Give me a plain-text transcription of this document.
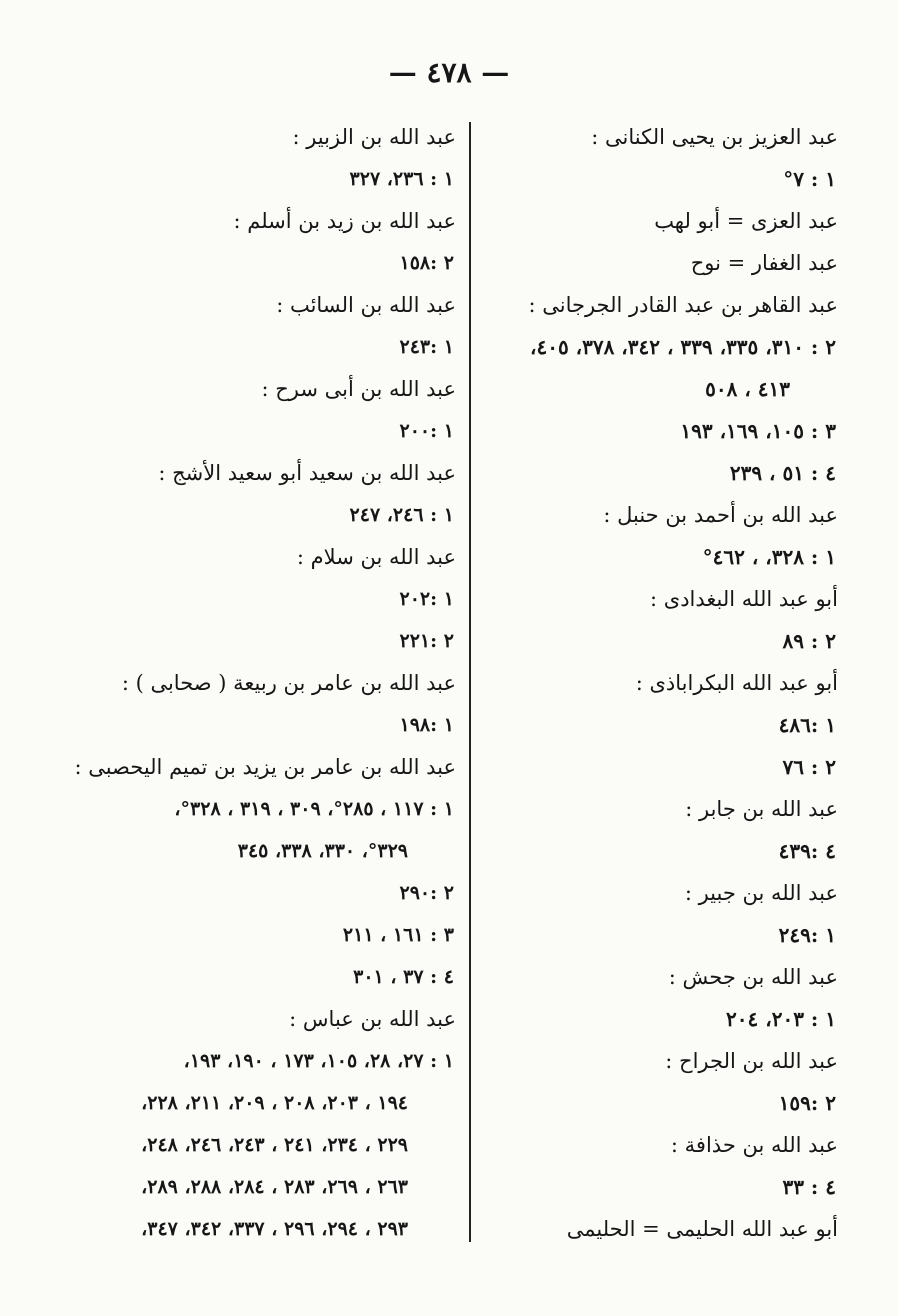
— ٤٧٨ —
عبد العزيز بن يحيى الكنانى :
١ : ٧°
عبد العزى = أبو لهب
عبد الغفار = نوح
عبد القاهر بن عبد القادر الجرجانى :
٢ : ٣١٠، ٣٣٥، ٣٣٩ ، ٣٤٢، ٣٧٨، ٤٠٥،
٤١٣ ، ٥٠٨
٣ : ١٠٥، ١٦٩، ١٩٣
٤ : ٥١ ، ٢٣٩
عبد الله بن أحمد بن حنبل :
١ : ٣٢٨، ، ٤٦٢°
أبو عبد الله البغدادى :
٢ : ٨٩
أبو عبد الله البكراباذى :
١ :٤٨٦
٢ : ٧٦
عبد الله بن جابر :
٤ :٤٣٩
عبد الله بن جبير :
١ :٢٤٩
عبد الله بن جحش :
١ : ٢٠٣، ٢٠٤
عبد الله بن الجراح :
٢ :١٥٩
عبد الله بن حذافة :
٤ : ٣٣
أبو عبد الله الحليمى = الحليمى
عبد الله بن الزبير :
١ : ٢٣٦، ٣٢٧
عبد الله بن زيد بن أسلم :
٢ :١٥٨
عبد الله بن السائب :
١ :٢٤٣
عبد الله بن أبى سرح :
١ :٢٠٠
عبد الله بن سعيد أبو سعيد الأشج :
١ : ٢٤٦، ٢٤٧
عبد الله بن سلام :
١ :٢٠٢
٢ :٢٢١
عبد الله بن عامر بن ربيعة ( صحابى ) :
١ :١٩٨
عبد الله بن عامر بن يزيد بن تميم اليحصبى :
١ : ١١٧ ، ٢٨٥°، ٣٠٩ ، ٣١٩ ، ٣٢٨°،
٣٢٩°، ٣٣٠، ٣٣٨، ٣٤٥
٢ :٢٩٠
٣ : ١٦١ ، ٢١١
٤ : ٣٧ ، ٣٠١
عبد الله بن عباس :
١ : ٢٧، ٢٨، ١٠٥، ١٧٣ ، ١٩٠، ١٩٣،
١٩٤ ، ٢٠٣، ٢٠٨ ، ٢٠٩، ٢١١، ٢٢٨،
٢٢٩ ، ٢٣٤، ٢٤١ ، ٢٤٣، ٢٤٦، ٢٤٨،
٢٦٣ ، ٢٦٩، ٢٨٣ ، ٢٨٤، ٢٨٨، ٢٨٩،
٢٩٣ ، ٢٩٤، ٢٩٦ ، ٣٣٧، ٣٤٢، ٣٤٧،
